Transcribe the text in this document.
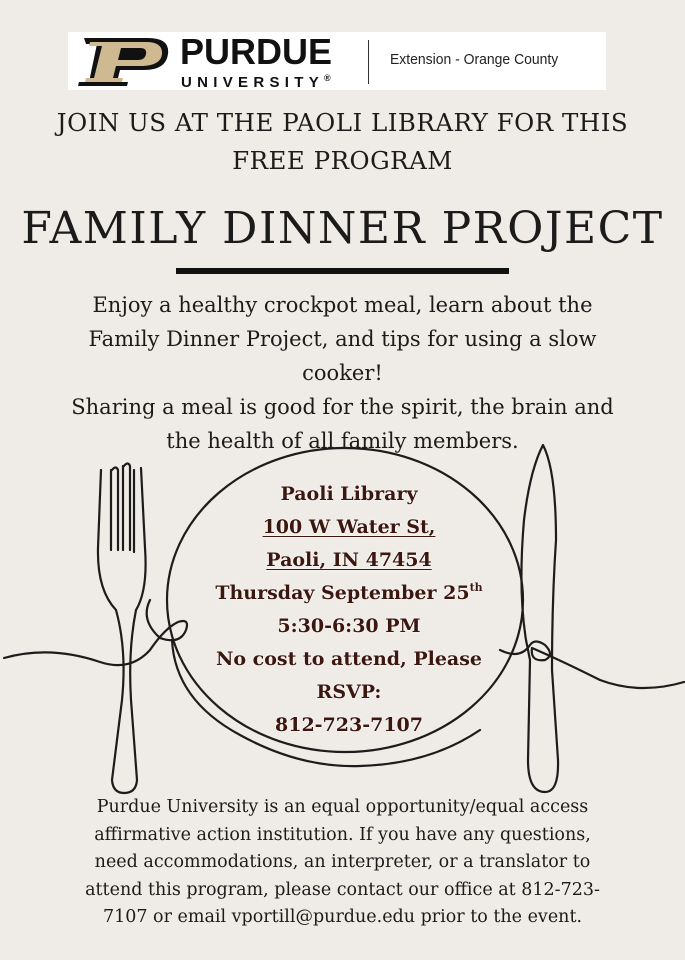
PURDUE
UNIVERSITY®
Extension - Orange County
JOIN US AT THE PAOLI LIBRARY FOR THIS
FREE PROGRAM
FAMILY DINNER PROJECT
Enjoy a healthy crockpot meal, learn about the
Family Dinner Project, and tips for using a slow
cooker!
Sharing a meal is good for the spirit, the brain and
the health of all family members.
Paoli Library
100 W Water St,
Paoli, IN 47454
Thursday September 25th
5:30-6:30 PM
No cost to attend, Please
RSVP:
812-723-7107
Purdue University is an equal opportunity/equal access
affirmative action institution. If you have any questions,
need accommodations, an interpreter, or a translator to
attend this program, please contact our office at 812-723-
7107 or email vportill@purdue.edu prior to the event.
